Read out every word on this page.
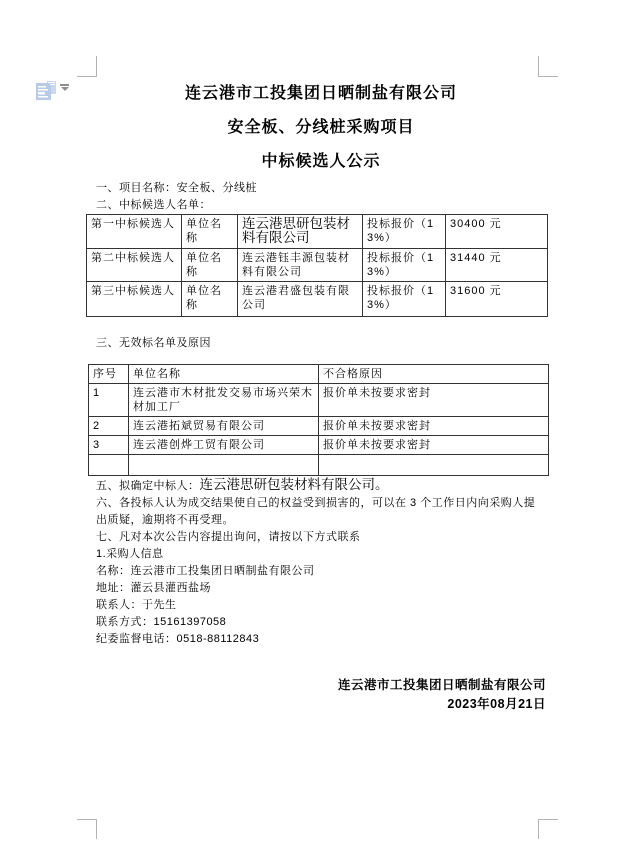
连云港市工投集团日晒制盐有限公司
安全板、分线桩采购项目
中标候选人公示

一、项目名称：安全板、分线桩

二、中标候选人名单：

第一中标候选人	单位名称	连云港思研包装材料有限公司	投标报价（13%）	30400 元
第二中标候选人	单位名称	连云港钰丰源包装材料有限公司	投标报价（13%）	31440 元
第三中标候选人	单位名称	连云港君盛包装有限公司	投标报价（13%）	31600 元

三、无效标名单及原因

序号	单位名称	不合格原因
1	连云港市木材批发交易市场兴荣木材加工厂	报价单未按要求密封
2	连云港拓斌贸易有限公司	报价单未按要求密封
3	连云港创烨工贸有限公司	报价单未按要求密封

五、拟确定中标人：连云港思研包装材料有限公司。

六、各投标人认为成交结果使自己的权益受到损害的，可以在 3 个工作日内向采购人提出质疑，逾期将不再受理。

七、凡对本次公告内容提出询问，请按以下方式联系

1.采购人信息

名称：连云港市工投集团日晒制盐有限公司

地址：灌云县灌西盐场

联系人：于先生

联系方式：15161397058

纪委监督电话：0518-88112843

连云港市工投集团日晒制盐有限公司

2023年08月21日
